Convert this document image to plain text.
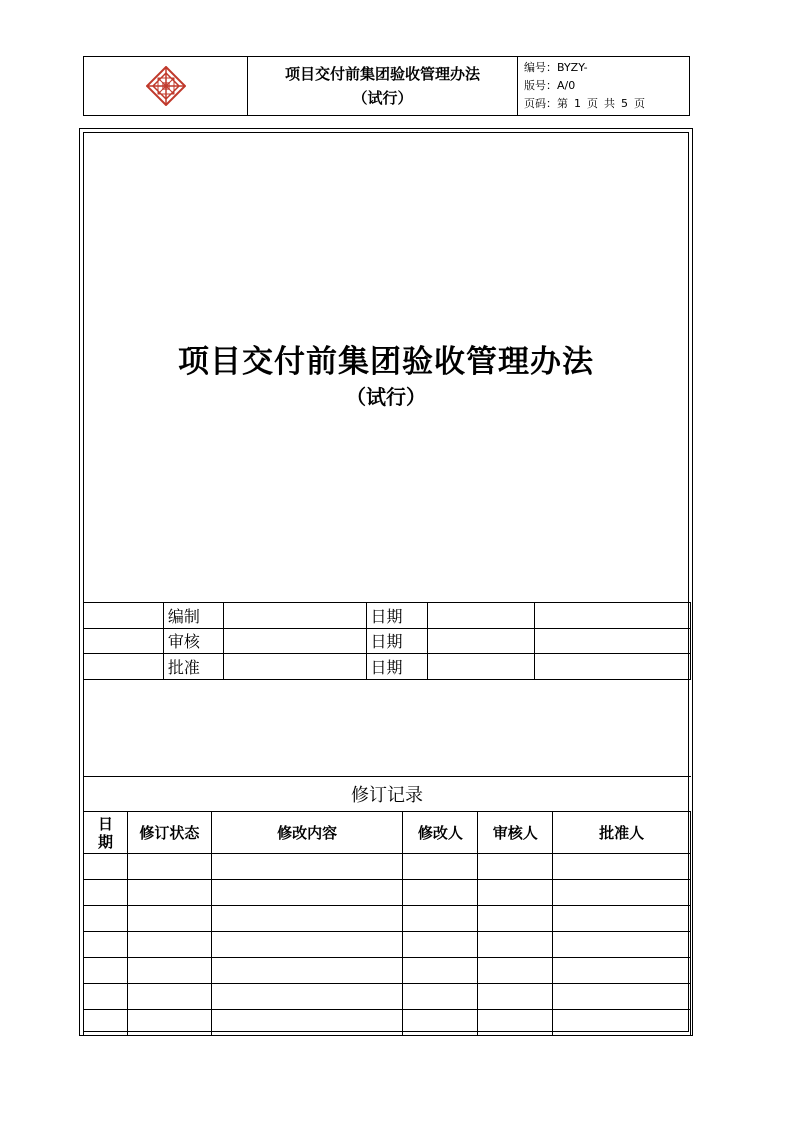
项目交付前集团验收管理办法
（试行）
编号： BYZY-
版号： A/0
页码： 第 1 页 共 5 页
项目交付前集团验收管理办法
（试行）
	编制		日期		
	审核		日期		
	批准		日期		
修订记录
日
期	修订状态	修改内容	修改人	审核人	批准人
